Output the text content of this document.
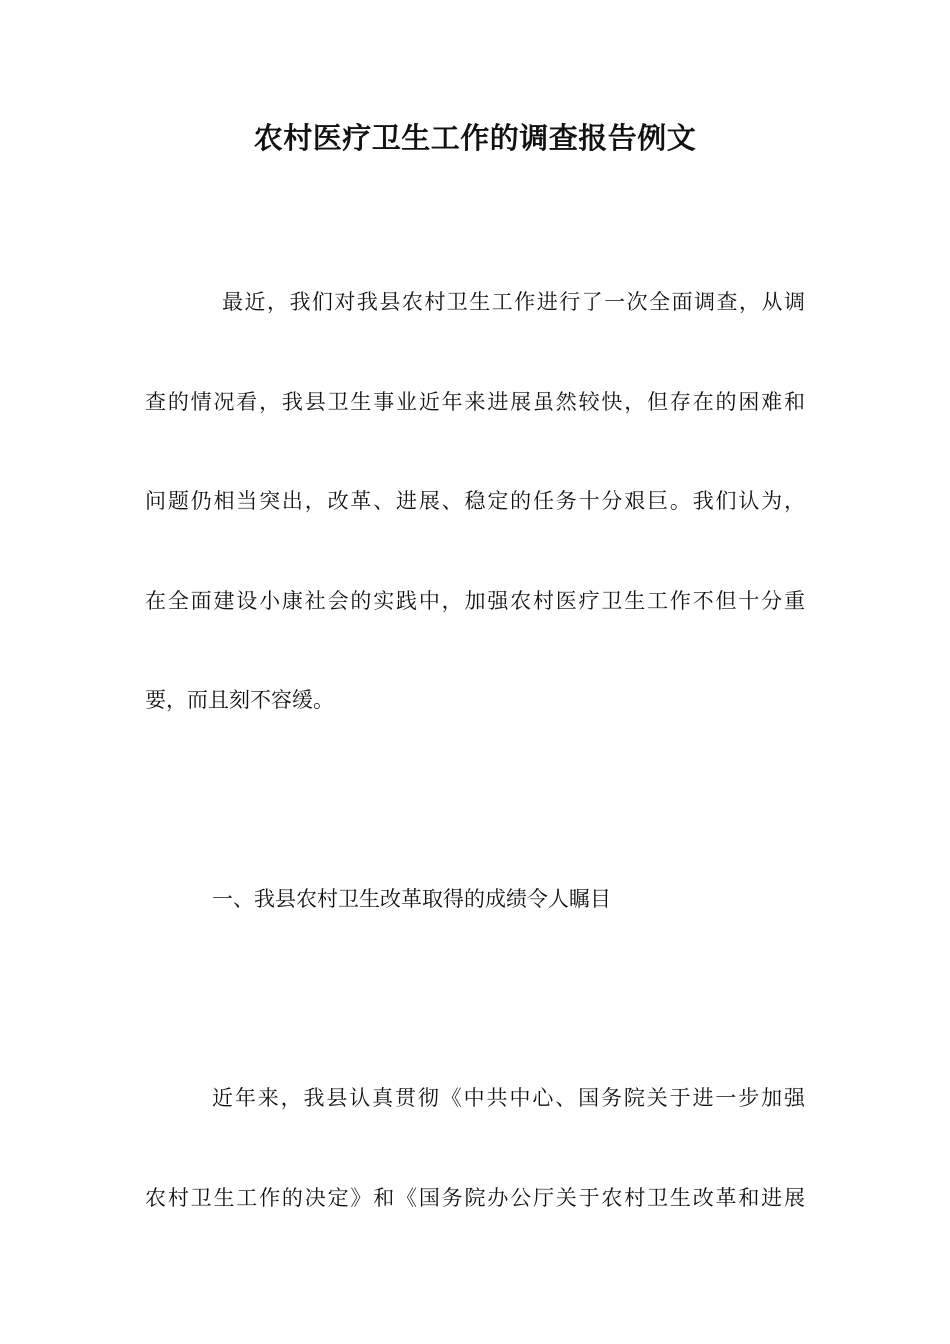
农村医疗卫生工作的调查报告例文
最近，我们对我县农村卫生工作进行了一次全面调查，从调
查的情况看，我县卫生事业近年来进展虽然较快，但存在的困难和
问题仍相当突出，改革、进展、稳定的任务十分艰巨。我们认为，
在全面建设小康社会的实践中，加强农村医疗卫生工作不但十分重
要，而且刻不容缓。
一、我县农村卫生改革取得的成绩令人瞩目
近年来，我县认真贯彻《中共中心、国务院关于进一步加强
农村卫生工作的决定》和《国务院办公厅关于农村卫生改革和进展
